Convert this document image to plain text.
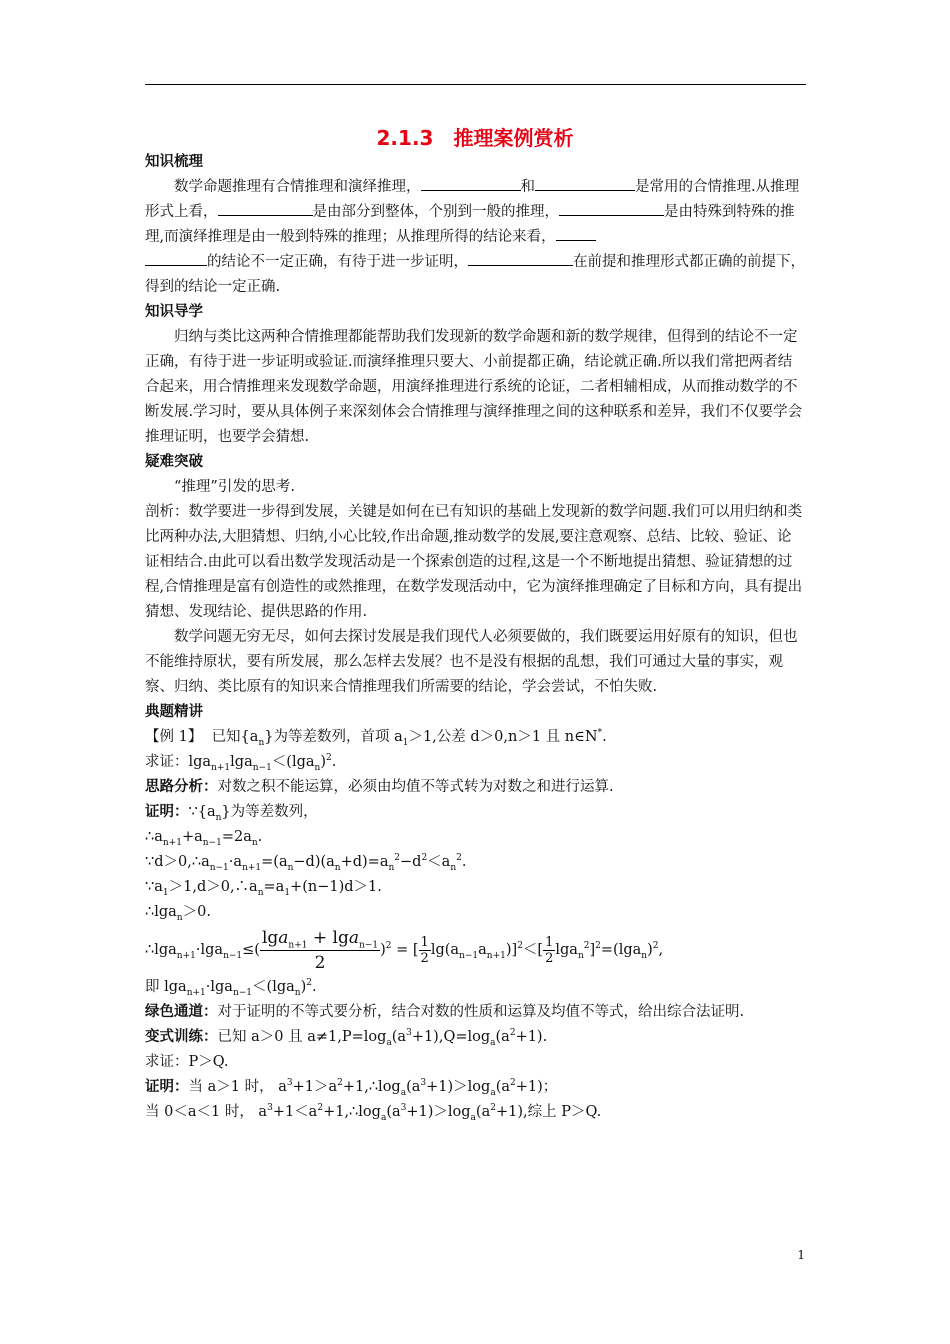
2.1.3　推理案例赏析

知识梳理

数学命题推理有合情推理和演绎推理，	和	是常用的合情推理.从推理形式上看，	是由部分到整体，个别到一般的推理，	是由特殊到特殊的推理,而演绎推理是由一般到特殊的推理；从推理所得的结论来看，
的结论不一定正确，有待于进一步证明，	在前提和推理形式都正确的前提下，得到的结论一定正确.

知识导学

归纳与类比这两种合情推理都能帮助我们发现新的数学命题和新的数学规律，但得到的结论不一定正确，有待于进一步证明或验证.而演绎推理只要大、小前提都正确，结论就正确.所以我们常把两者结合起来，用合情推理来发现数学命题，用演绎推理进行系统的论证，二者相辅相成，从而推动数学的不断发展.学习时，要从具体例子来深刻体会合情推理与演绎推理之间的这种联系和差异，我们不仅要学会推理证明，也要学会猜想.

疑难突破

“推理”引发的思考.

剖析：数学要进一步得到发展，关键是如何在已有知识的基础上发现新的数学问题.我们可以用归纳和类比两种办法,大胆猜想、归纳,小心比较,作出命题,推动数学的发展,要注意观察、总结、比较、验证、论证相结合.由此可以看出数学发现活动是一个探索创造的过程,这是一个不断地提出猜想、验证猜想的过程,合情推理是富有创造性的或然推理，在数学发现活动中，它为演绎推理确定了目标和方向，具有提出猜想、发现结论、提供思路的作用.

数学问题无穷无尽，如何去探讨发展是我们现代人必须要做的，我们既要运用好原有的知识，但也不能维持原状，要有所发展，那么怎样去发展？也不是没有根据的乱想，我们可通过大量的事实，观察、归纳、类比原有的知识来合情推理我们所需要的结论，学会尝试，不怕失败.

典题精讲

【例 1】 已知$\{a_n\}$为等差数列，首项 $a_1>1$,公差 d＞0,n＞1 且 n∈N*.

求证：$\lg a_{n+1}\lg a_{n-1}<(\lg a_n)^2$.

思路分析：对数之积不能运算，必须由均值不等式转为对数之和进行运算.

证明：$\because\{a_n\}$为等差数列，

$\therefore a_{n+1}+a_{n-1}=2a_n$.

$\because d>0,\therefore a_{n-1}\cdot a_{n+1}=(a_n-d)(a_n+d)=a_n^2-d^2<a_n^2$.

$\because a_1>1,d>0,\therefore a_n=a_1+(n-1)d>1$.

∴lga$_n$＞0.

∴lga$_{n+1}$·lga$_{n-1}$≤( $\frac{\lg a_{n+1} + \lg a_{n-1}}{2} )^2$ = [ $\frac{1}{2} \lg(a_{n-1}a_{n+1})]^2<[ \frac{1}{2} \lg a_n^2]^2=(\lg a_n)^2$,

即 $\lg a_{n+1}\cdot\lg a_{n-1}<(\lg a_n)^2$.

绿色通道：对于证明的不等式要分析，结合对数的性质和运算及均值不等式，给出综合法证明.

变式训练：已知 a＞0 且 $a\ne 1,P=\log_a(a^3+1),Q=\log_a(a^2+1)$.

求证：P＞Q.

证明：当 a＞1 时， $a^3+1>a^2+1,\therefore\log_a(a^3+1)>\log_a(a^2+1)$；

当 0＜a＜1 时， $a^3+1<a^2+1,\therefore\log_a(a^3+1)>\log_a(a^2+1)$,综上 P＞Q.

1
